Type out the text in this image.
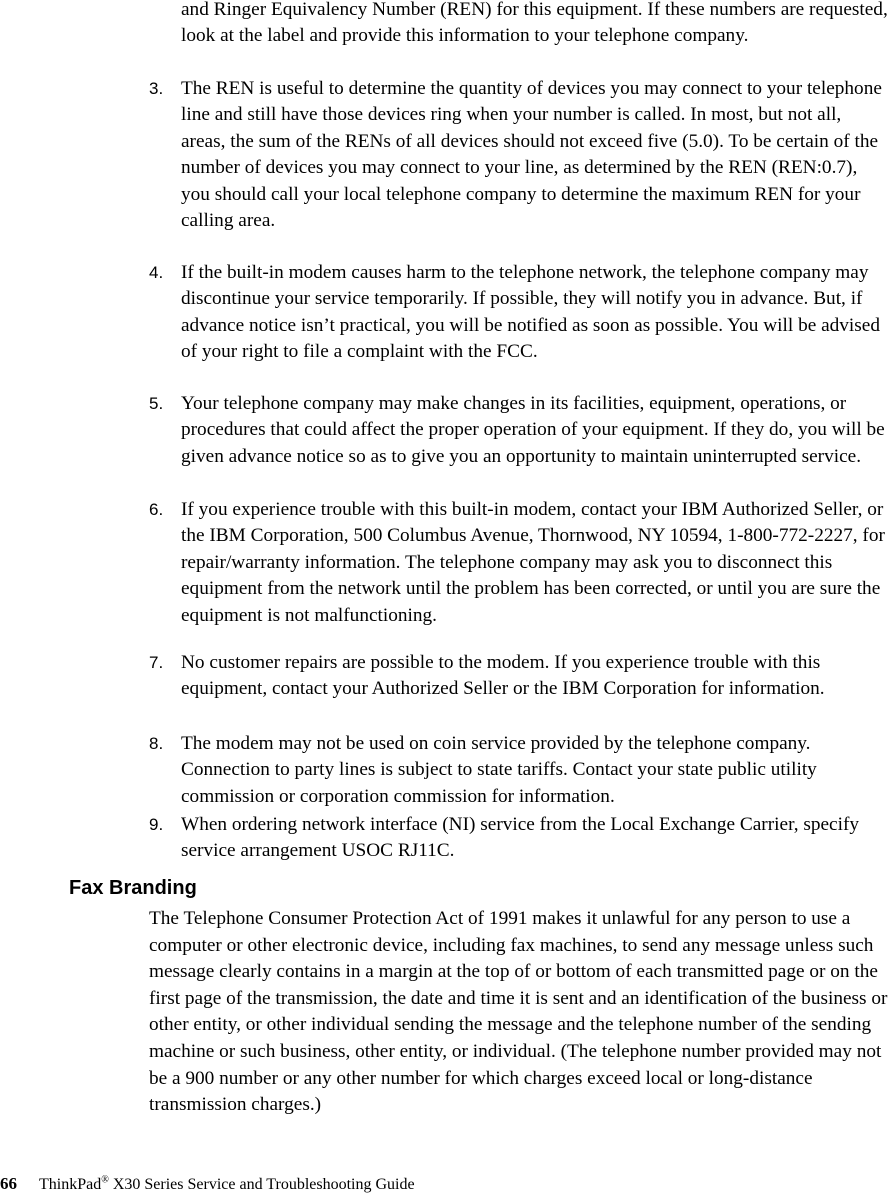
and Ringer Equivalency Number (REN) for this equipment. If these numbers are requested, look at the label and provide this information to your telephone company.
3. The REN is useful to determine the quantity of devices you may connect to your telephone line and still have those devices ring when your number is called. In most, but not all, areas, the sum of the RENs of all devices should not exceed five (5.0). To be certain of the number of devices you may connect to your line, as determined by the REN (REN:0.7), you should call your local telephone company to determine the maximum REN for your calling area.
4. If the built-in modem causes harm to the telephone network, the telephone company may discontinue your service temporarily. If possible, they will notify you in advance. But, if advance notice isn’t practical, you will be notified as soon as possible. You will be advised of your right to file a complaint with the FCC.
5. Your telephone company may make changes in its facilities, equipment, operations, or procedures that could affect the proper operation of your equipment. If they do, you will be given advance notice so as to give you an opportunity to maintain uninterrupted service.
6. If you experience trouble with this built-in modem, contact your IBM Authorized Seller, or the IBM Corporation, 500 Columbus Avenue, Thornwood, NY 10594, 1-800-772-2227, for repair/warranty information. The telephone company may ask you to disconnect this equipment from the network until the problem has been corrected, or until you are sure the equipment is not malfunctioning.
7. No customer repairs are possible to the modem. If you experience trouble with this equipment, contact your Authorized Seller or the IBM Corporation for information.
8. The modem may not be used on coin service provided by the telephone company. Connection to party lines is subject to state tariffs. Contact your state public utility commission or corporation commission for information.
9. When ordering network interface (NI) service from the Local Exchange Carrier, specify service arrangement USOC RJ11C.
Fax Branding
The Telephone Consumer Protection Act of 1991 makes it unlawful for any person to use a computer or other electronic device, including fax machines, to send any message unless such message clearly contains in a margin at the top of or bottom of each transmitted page or on the first page of the transmission, the date and time it is sent and an identification of the business or other entity, or other individual sending the message and the telephone number of the sending machine or such business, other entity, or individual. (The telephone number provided may not be a 900 number or any other number for which charges exceed local or long-distance transmission charges.)
66 ThinkPad® X30 Series Service and Troubleshooting Guide
